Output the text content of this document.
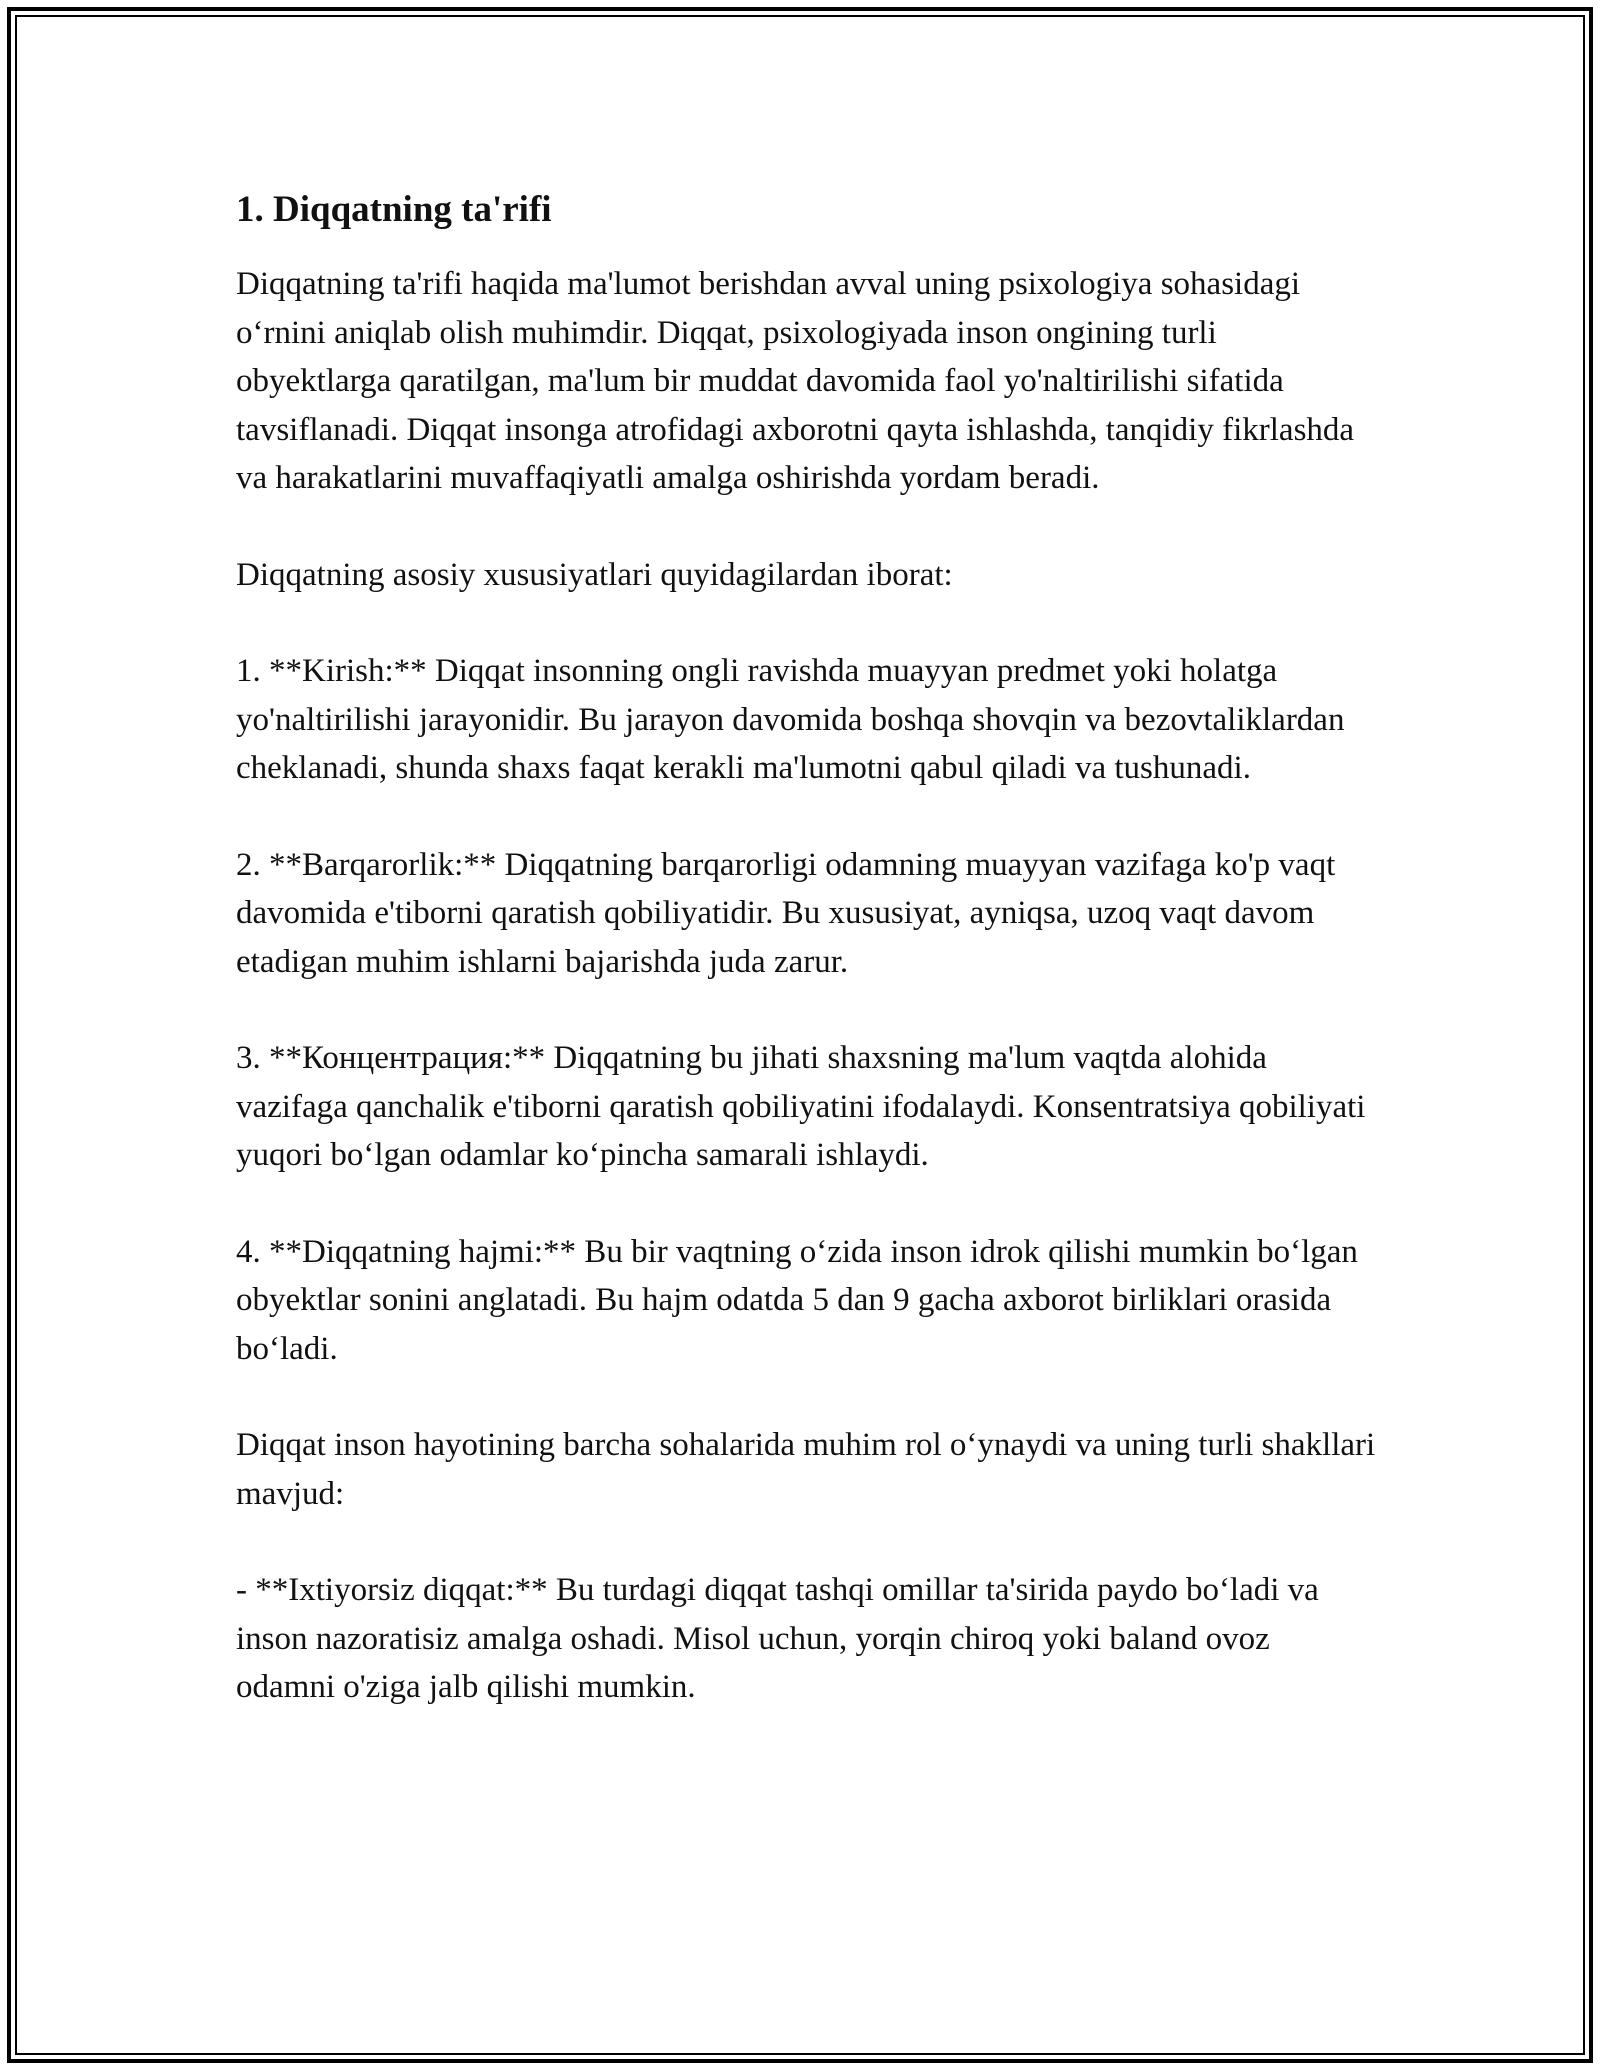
1. Diqqatning ta'rifi

Diqqatning ta'rifi haqida ma'lumot berishdan avval uning psixologiya sohasidagi o‘rnini aniqlab olish muhimdir. Diqqat, psixologiyada inson ongining turli obyektlarga qaratilgan, ma'lum bir muddat davomida faol yo'naltirilishi sifatida tavsiflanadi. Diqqat insonga atrofidagi axborotni qayta ishlashda, tanqidiy fikrlashda va harakatlarini muvaffaqiyatli amalga oshirishda yordam beradi.

Diqqatning asosiy xususiyatlari quyidagilardan iborat:

1. **Kirish:** Diqqat insonning ongli ravishda muayyan predmet yoki holatga yo'naltirilishi jarayonidir. Bu jarayon davomida boshqa shovqin va bezovtaliklardan cheklanadi, shunda shaxs faqat kerakli ma'lumotni qabul qiladi va tushunadi.

2. **Barqarorlik:** Diqqatning barqarorligi odamning muayyan vazifaga ko'p vaqt davomida e'tiborni qaratish qobiliyatidir. Bu xususiyat, ayniqsa, uzoq vaqt davom etadigan muhim ishlarni bajarishda juda zarur.

3. **Концентрация:** Diqqatning bu jihati shaxsning ma'lum vaqtda alohida vazifaga qanchalik e'tiborni qaratish qobiliyatini ifodalaydi. Konsentratsiya qobiliyati yuqori bo‘lgan odamlar ko‘pincha samarali ishlaydi.

4. **Diqqatning hajmi:** Bu bir vaqtning o‘zida inson idrok qilishi mumkin bo‘lgan obyektlar sonini anglatadi. Bu hajm odatda 5 dan 9 gacha axborot birliklari orasida bo‘ladi.

Diqqat inson hayotining barcha sohalarida muhim rol o‘ynaydi va uning turli shakllari mavjud:

- **Ixtiyorsiz diqqat:** Bu turdagi diqqat tashqi omillar ta'sirida paydo bo‘ladi va inson nazoratisiz amalga oshadi. Misol uchun, yorqin chiroq yoki baland ovoz odamni o'ziga jalb qilishi mumkin.
